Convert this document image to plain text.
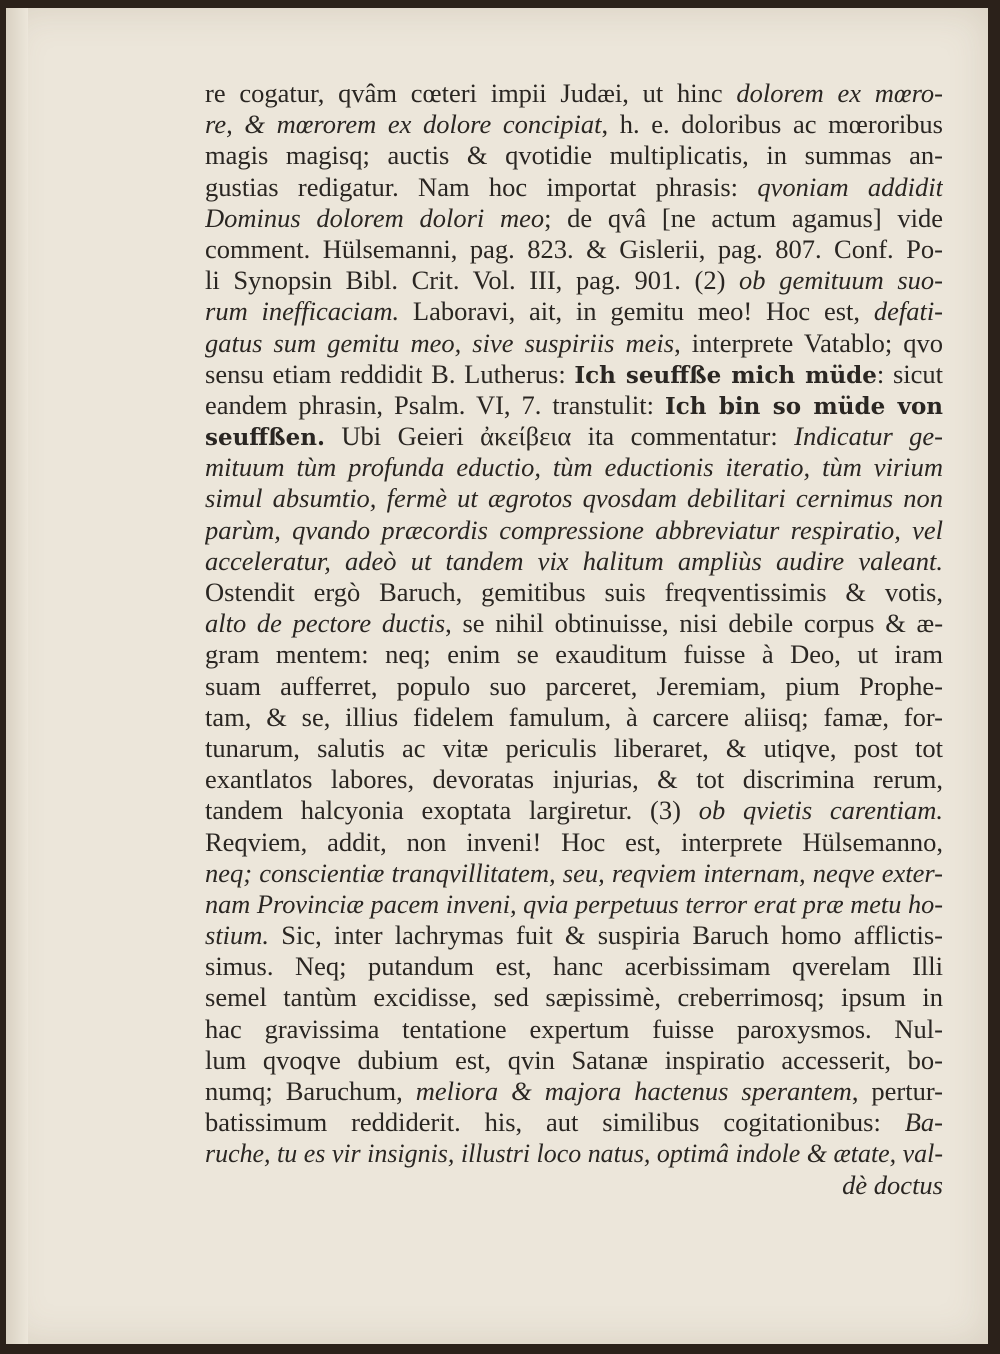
re cogatur, qvâm cœteri impii Judæi, ut hinc dolorem ex mœro-
re, & mœrorem ex dolore concipiat, h. e. doloribus ac mœroribus
magis magisq; auctis & qvotidie multiplicatis, in summas an-
gustias redigatur. Nam hoc importat phrasis: qvoniam addidit
Dominus dolorem dolori meo; de qvâ [ne actum agamus] vide
comment. Hülsemanni, pag. 823. & Gislerii, pag. 807. Conf. Po-
li Synopsin Bibl. Crit. Vol. III, pag. 901. (2) ob gemituum suo-
rum inefficaciam. Laboravi, ait, in gemitu meo! Hoc est, defati-
gatus sum gemitu meo, sive suspiriis meis, interprete Vatablo; qvo
sensu etiam reddidit B. Lutherus: Ich seuffße mich müde: sicut
eandem phrasin, Psalm. VI, 7. transtulit: Ich bin so müde von
seuffßen. Ubi Geieri ἀκείβεια ita commentatur: Indicatur ge-
mituum tùm profunda eductio, tùm eductionis iteratio, tùm virium
simul absumtio, fermè ut ægrotos qvosdam debilitari cernimus non
parùm, qvando præcordis compressione abbreviatur respiratio, vel
acceleratur, adeò ut tandem vix halitum ampliùs audire valeant.
Ostendit ergò Baruch, gemitibus suis freqventissimis & votis,
alto de pectore ductis, se nihil obtinuisse, nisi debile corpus & æ-
gram mentem: neq; enim se exauditum fuisse à Deo, ut iram
suam aufferret, populo suo parceret, Jeremiam, pium Prophe-
tam, & se, illius fidelem famulum, à carcere aliisq; famæ, for-
tunarum, salutis ac vitæ periculis liberaret, & utiqve, post tot
exantlatos labores, devoratas injurias, & tot discrimina rerum,
tandem halcyonia exoptata largiretur. (3) ob qvietis carentiam.
Reqviem, addit, non inveni! Hoc est, interprete Hülsemanno,
neq; conscientiæ tranqvillitatem, seu, reqviem internam, neqve exter-
nam Provinciæ pacem inveni, qvia perpetuus terror erat præ metu ho-
stium. Sic, inter lachrymas fuit & suspiria Baruch homo afflictis-
simus. Neq; putandum est, hanc acerbissimam qverelam Illi
semel tantùm excidisse, sed sæpissimè, creberrimosq; ipsum in
hac gravissima tentatione expertum fuisse paroxysmos. Nul-
lum qvoqve dubium est, qvin Satanæ inspiratio accesserit, bo-
numq; Baruchum, meliora & majora hactenus sperantem, pertur-
batissimum reddiderit. his, aut similibus cogitationibus: Ba-
ruche, tu es vir insignis, illustri loco natus, optimâ indole & ætate, val-
dè doctus
